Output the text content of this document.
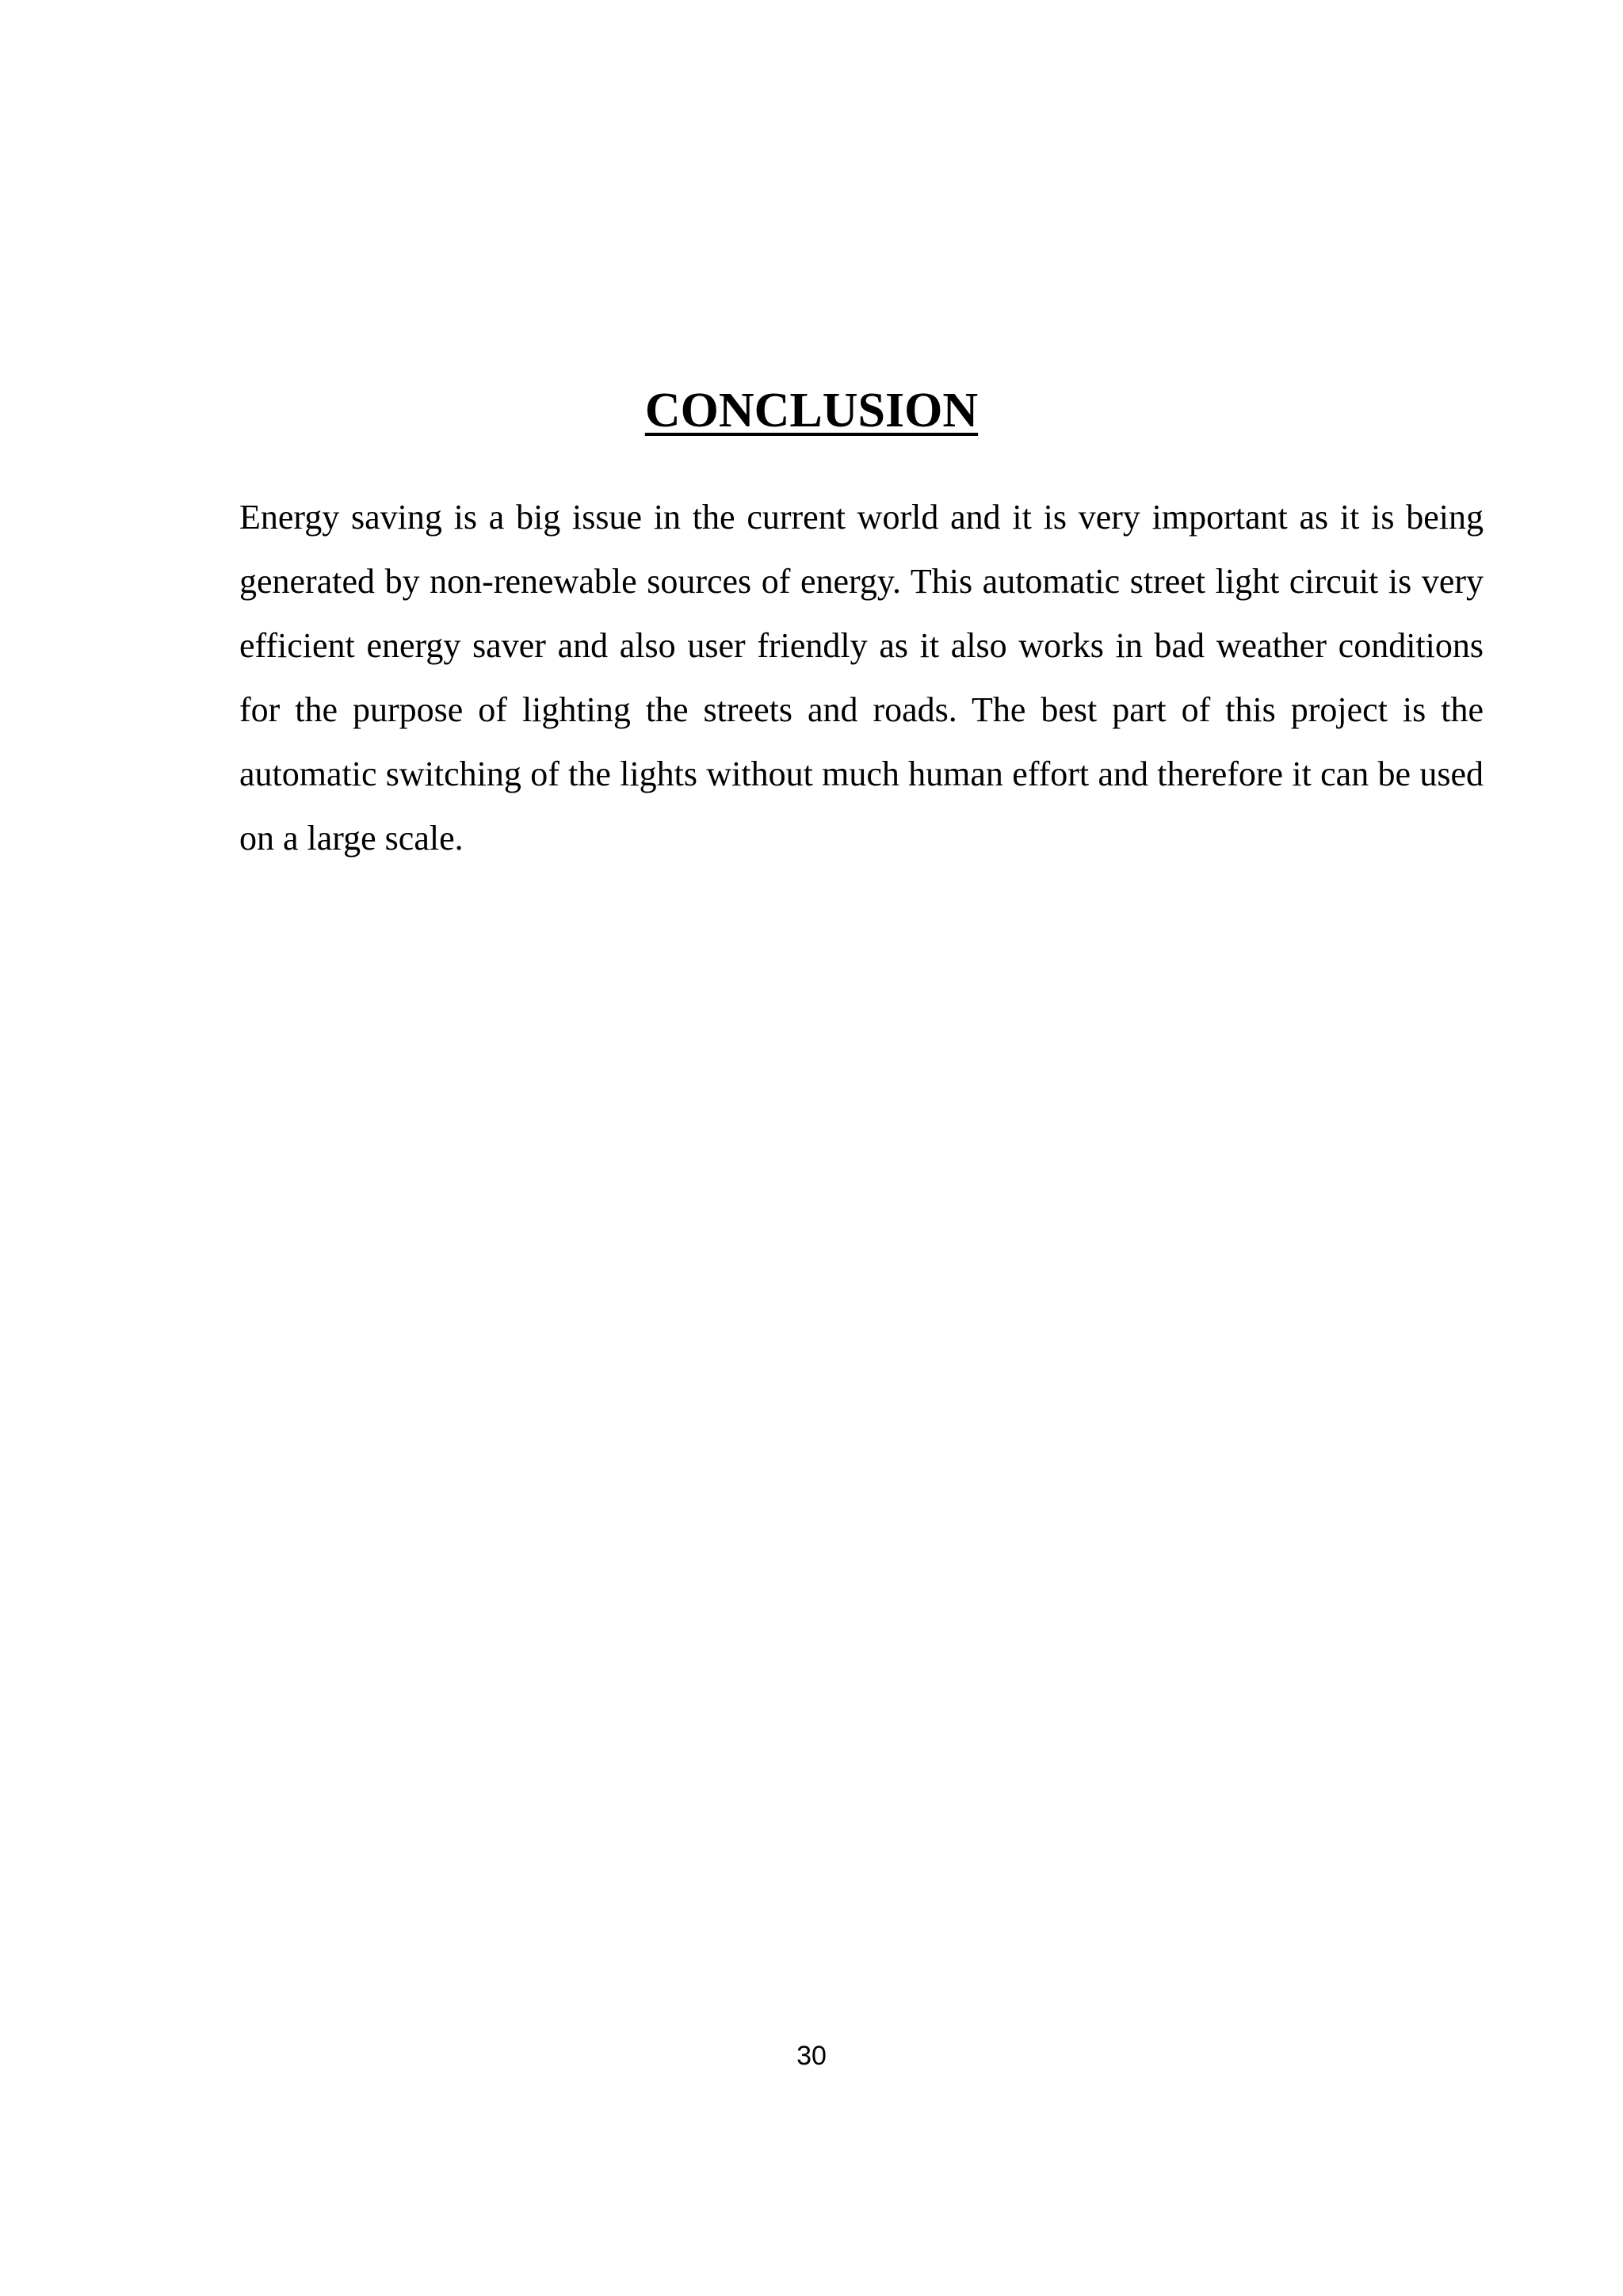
CONCLUSION

Energy saving is a big issue in the current world and it is very important as it is being generated by non-renewable sources of energy. This automatic street light circuit is very efficient energy saver and also user friendly as it also works in bad weather conditions for the purpose of lighting the streets and roads. The best part of this project is the automatic switching of the lights without much human effort and therefore it can be used on a large scale.

30
